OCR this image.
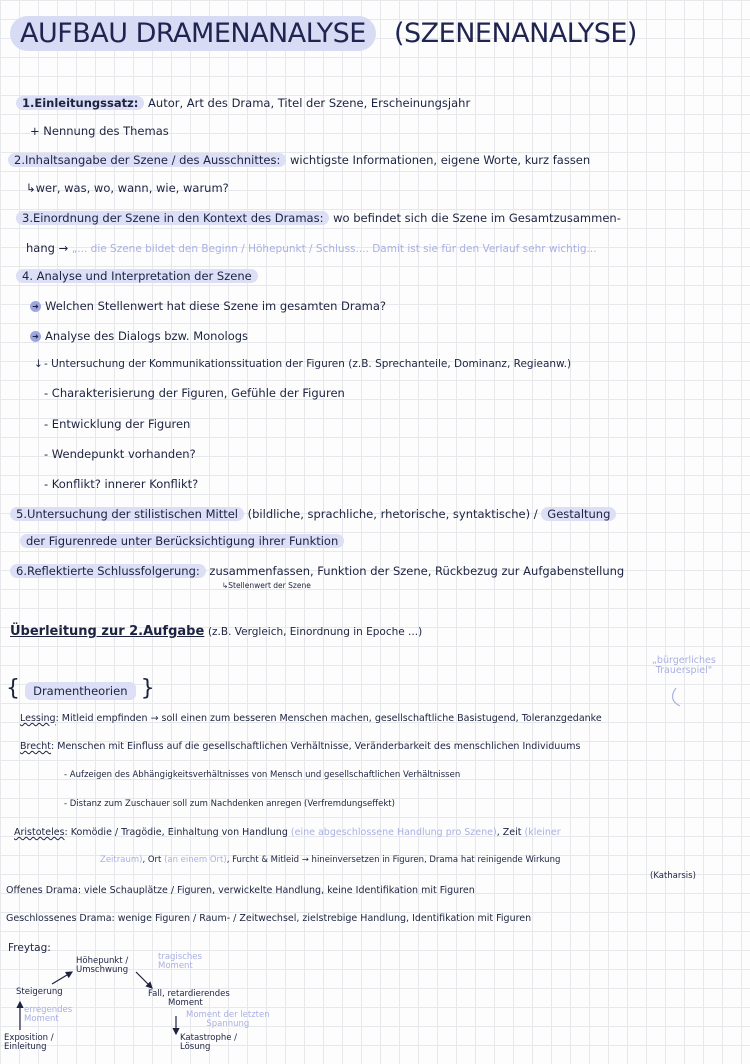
AUFBAU DRAMENANALYSE (SZENENANALYSE)
1.Einleitungssatz: Autor, Art des Drama, Titel der Szene, Erscheinungsjahr
+ Nennung des Themas
2.Inhaltsangabe der Szene / des Ausschnittes: wichtigste Informationen, eigene Worte, kurz fassen
↳wer, was, wo, wann, wie, warum?
3.Einordnung der Szene in den Kontext des Dramas: wo befindet sich die Szene im Gesamtzusammen-
hang → „... die Szene bildet den Beginn / Höhepunkt / Schluss.... Damit ist sie für den Verlauf sehr wichtig...
4. Analyse und Interpretation der Szene
➜ Welchen Stellenwert hat diese Szene im gesamten Drama?
➜ Analyse des Dialogs bzw. Monologs
↓ - Untersuchung der Kommunikationssituation der Figuren (z.B. Sprechanteile, Dominanz, Regieanw.)
- Charakterisierung der Figuren, Gefühle der Figuren
- Entwicklung der Figuren
- Wendepunkt vorhanden?
- Konflikt? innerer Konflikt?
5.Untersuchung der stilistischen Mittel (bildliche, sprachliche, rhetorische, syntaktische) / Gestaltung
der Figurenrede unter Berücksichtigung ihrer Funktion
6.Reflektierte Schlussfolgerung: zusammenfassen, Funktion der Szene, Rückbezug zur Aufgabenstellung
↳Stellenwert der Szene
Überleitung zur 2.Aufgabe (z.B. Vergleich, Einordnung in Epoche ...)
{ Dramentheorien }
„bürgerliches
Trauerspiel"
Lessing: Mitleid empfinden → soll einen zum besseren Menschen machen, gesellschaftliche Basistugend, Toleranzgedanke
Brecht: Menschen mit Einfluss auf die gesellschaftlichen Verhältnisse, Veränderbarkeit des menschlichen Individuums
- Aufzeigen des Abhängigkeitsverhältnisses von Mensch und gesellschaftlichen Verhältnissen
- Distanz zum Zuschauer soll zum Nachdenken anregen (Verfremdungseffekt)
Aristoteles: Komödie / Tragödie, Einhaltung von Handlung (eine abgeschlossene Handlung pro Szene), Zeit (kleiner
Zeitraum), Ort (an einem Ort), Furcht & Mitleid → hineinversetzen in Figuren, Drama hat reinigende Wirkung
(Katharsis)
Offenes Drama: viele Schauplätze / Figuren, verwickelte Handlung, keine Identifikation mit Figuren
Geschlossenes Drama: wenige Figuren / Raum- / Zeitwechsel, zielstrebige Handlung, Identifikation mit Figuren
Freytag:
Höhepunkt /
Umschwung
tragisches
Moment
Steigerung
erregendes
Moment
Exposition /
Einleitung
Fall, retardierendes
Moment
Moment der letzten
Spannung
Katastrophe /
Lösung
